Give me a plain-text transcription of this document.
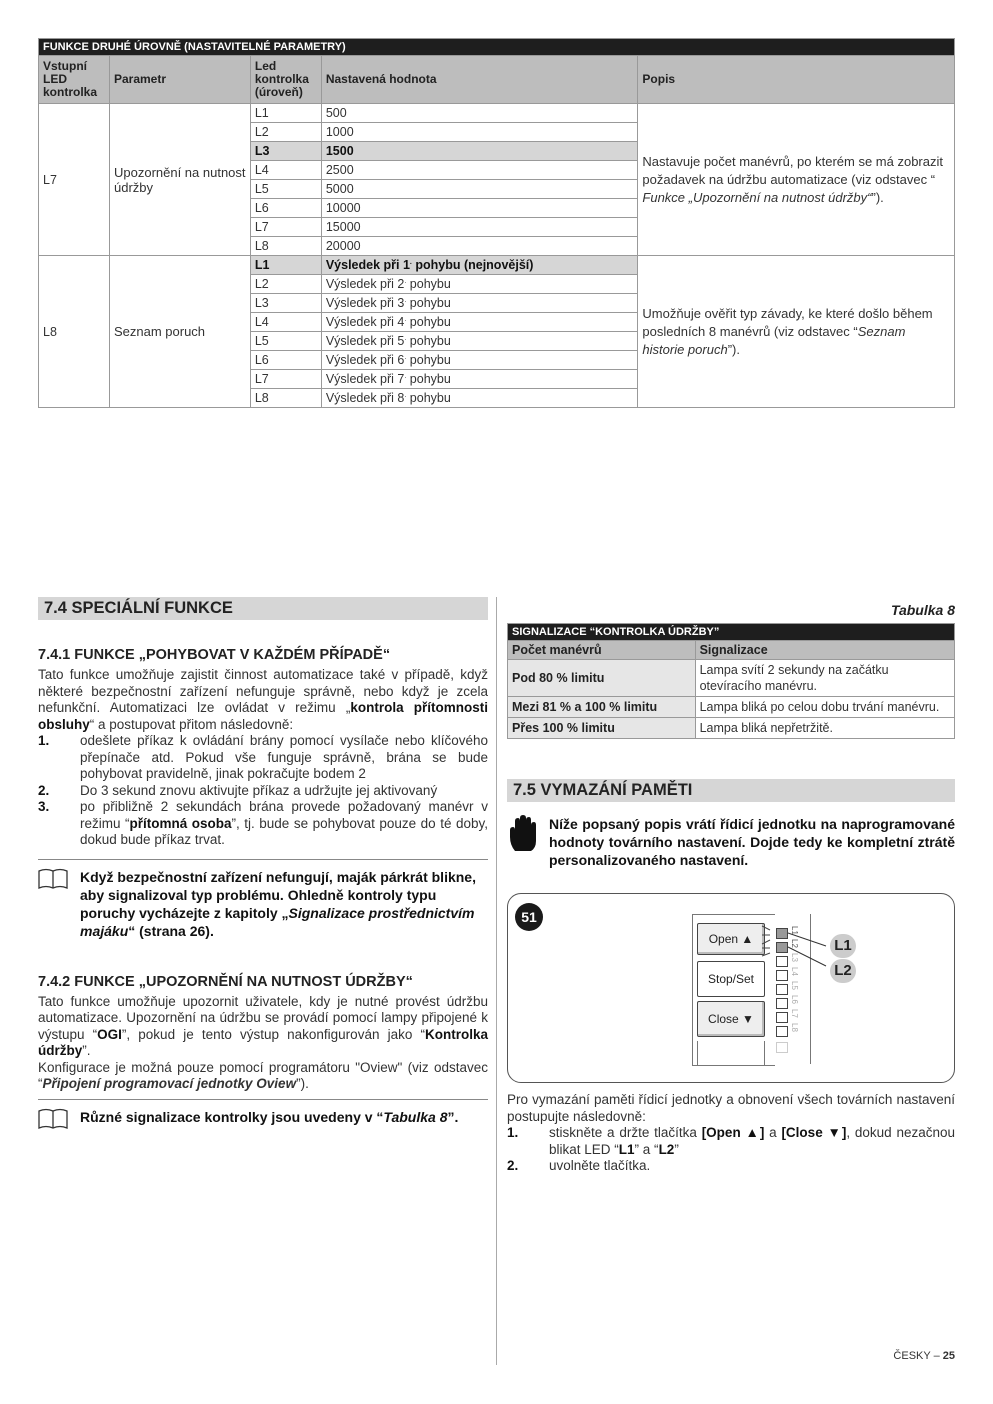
FUNKCE DRUHÉ ÚROVNĚ (NASTAVITELNÉ PARAMETRY)				
Vstupní LED kontrolka	Parametr	Led kontrolka (úroveň)	Nastavená hodnota	Popis
L7	Upozornění na nutnost údržby	L1	500	Nastavuje počet manévrů, po kterém se má zobrazit požadavek na údržbu automatizace (viz odstavec “ Funkce „Upozornění na nutnost údržby“”).
		L2	1000	
		L3	1500	
		L4	2500	
		L5	5000	
		L6	10000	
		L7	15000	
		L8	20000	
L8	Seznam poruch	L1	Výsledek při 1. pohybu (nejnovější)	Umožňuje ověřit typ závady, ke které došlo během posledních 8 manévrů (viz odstavec “Seznam historie poruch”).
		L2	Výsledek při 2. pohybu	
		L3	Výsledek při 3. pohybu	
		L4	Výsledek při 4. pohybu	
		L5	Výsledek při 5. pohybu	
		L6	Výsledek při 6. pohybu	
		L7	Výsledek při 7. pohybu	
		L8	Výsledek při 8. pohybu	
7.4 SPECIÁLNÍ FUNKCE
7.4.1 FUNKCE „POHYBOVAT V KAŽDÉM PŘÍPADĚ“
Tato funkce umožňuje zajistit činnost automatizace také v případě, když některé bezpečnostní zařízení nefunguje správně, nebo když je zcela nefunkční. Automatizaci lze ovládat v režimu „kontrola přítomnosti obsluhy“ a postupovat přitom následovně:
1.	odešlete příkaz k ovládání brány pomocí vysílače nebo klíčového přepínače atd. Pokud vše funguje správně, brána se bude pohybovat pravidelně, jinak pokračujte bodem 2
2.	Do 3 sekund znovu aktivujte příkaz a udržujte jej aktivovaný
3.	po přibližně 2 sekundách brána provede požadovaný manévr v režimu “přítomná osoba”, tj. bude se pohybovat pouze do té doby, dokud bude příkaz trvat.
Když bezpečnostní zařízení nefungují, maják párkrát blikne, aby signalizoval typ problému. Ohledně kontroly typu poruchy vycházejte z kapitoly „Signalizace prostřednictvím majáku“ (strana 26).
7.4.2 FUNKCE „UPOZORNĚNÍ NA NUTNOST ÚDRŽBY“
Tato funkce umožňuje upozornit uživatele, kdy je nutné provést údržbu automatizace. Upozornění na údržbu se provádí pomocí lampy připojené k výstupu “OGI”, pokud je tento výstup nakonfigurován jako “Kontrolka údržby”.
Konfigurace je možná pouze pomocí programátoru "Oview" (viz odstavec “Připojení programovací jednotky Oview”).
Různé signalizace kontrolky jsou uvedeny v “Tabulka 8”.
Tabulka 8
SIGNALIZACE “KONTROLKA ÚDRŽBY”	
Počet manévrů	Signalizace
Pod 80 % limitu	Lampa svítí 2 sekundy na začátku otevíracího manévru.
Mezi 81 % a 100 % limitu	Lampa bliká po celou dobu trvání manévru.
Přes 100 % limitu	Lampa bliká nepřetržitě.
7.5 VYMAZÁNÍ PAMĚTI
Níže popsaný popis vrátí řídicí jednotku na naprogramované hodnoty továrního nastavení. Dojde tedy ke kompletní ztrátě personalizovaného nastavení.
51
Open ▲
Stop/Set
Close ▼
L1
L2
L3
L4
L5
L6
L7
L8
L1
L2
Pro vymazání paměti řídicí jednotky a obnovení všech továrních nastavení postupujte následovně:
1.	stiskněte a držte tlačítka [Open ▲] a [Close ▼], dokud nezačnou blikat LED “L1” a “L2”
2.	uvolněte tlačítka.
ČESKY – 25
